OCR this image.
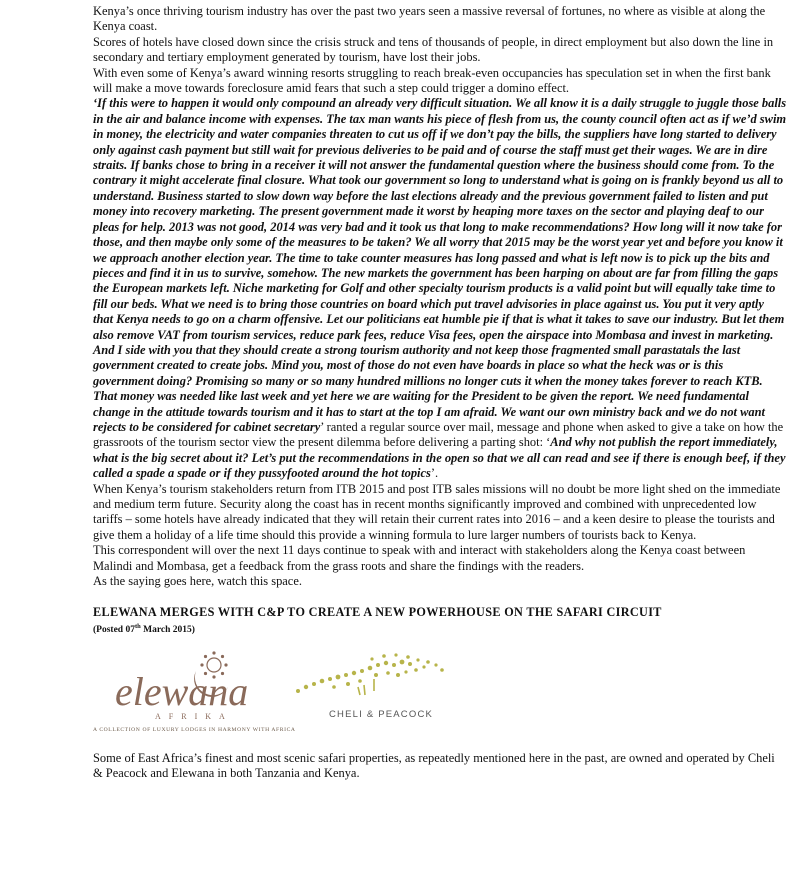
Kenya’s once thriving tourism industry has over the past two years seen a massive reversal of fortunes, no where as visible at along the Kenya coast.

Scores of hotels have closed down since the crisis struck and tens of thousands of people, in direct employment but also down the line in secondary and tertiary employment generated by tourism, have lost their jobs.

With even some of Kenya’s award winning resorts struggling to reach break-even occupancies has speculation set in when the first bank will make a move towards foreclosure amid fears that such a step could trigger a domino effect.

‘If this were to happen it would only compound an already very difficult situation. We all know it is a daily struggle to juggle those balls in the air and balance income with expenses. The tax man wants his piece of flesh from us, the county council often act as if we’d swim in money, the electricity and water companies threaten to cut us off if we don’t pay the bills, the suppliers have long started to delivery only against cash payment but still wait for previous deliveries to be paid and of course the staff must get their wages. We are in dire straits. If banks chose to bring in a receiver it will not answer the fundamental question where the business should come from. To the contrary it might accelerate final closure. What took our government so long to understand what is going on is frankly beyond us all to understand. Business started to slow down way before the last elections already and the previous government failed to listen and put money into recovery marketing. The present government made it worst by heaping more taxes on the sector and playing deaf to our pleas for help. 2013 was not good, 2014 was very bad and it took us that long to make recommendations? How long will it now take for those, and then maybe only some of the measures to be taken? We all worry that 2015 may be the worst year yet and before you know it we approach another election year. The time to take counter measures has long passed and what is left now is to pick up the bits and pieces and find it in us to survive, somehow. The new markets the government has been harping on about are far from filling the gaps the European markets left. Niche marketing for Golf and other specialty tourism products is a valid point but will equally take time to fill our beds. What we need is to bring those countries on board which put travel advisories in place against us. You put it very aptly that Kenya needs to go on a charm offensive. Let our politicians eat humble pie if that is what it takes to save our industry. But let them also remove VAT from tourism services, reduce park fees, reduce Visa fees, open the airspace into Mombasa and invest in marketing. And I side with you that they should create a strong tourism authority and not keep those fragmented small parastatals the last government created to create jobs. Mind you, most of those do not even have boards in place so what the heck was or is this government doing? Promising so many or so many hundred millions no longer cuts it when the money takes forever to reach KTB. That money was needed like last week and yet here we are waiting for the President to be given the report. We need fundamental change in the attitude towards tourism and it has to start at the top I am afraid. We want our own ministry back and we do not want rejects to be considered for cabinet secretary’ ranted a regular source over mail, message and phone when asked to give a take on how the grassroots of the tourism sector view the present dilemma before delivering a parting shot: ‘And why not publish the report immediately, what is the big secret about it? Let’s put the recommendations in the open so that we all can read and see if there is enough beef, if they called a spade a spade or if they pussyfooted around the hot topics’.

When Kenya’s tourism stakeholders return from ITB 2015 and post ITB sales missions will no doubt be more light shed on the immediate and medium term future. Security along the coast has in recent months significantly improved and combined with unprecedented low tariffs – some hotels have already indicated that they will retain their current rates into 2016 – and a keen desire to please the tourists and give them a holiday of a life time should this provide a winning formula to lure larger numbers of tourists back to Kenya.

This correspondent will over the next 11 days continue to speak with and interact with stakeholders along the Kenya coast between Malindi and Mombasa, get a feedback from the grass roots and share the findings with the readers.

As the saying goes here, watch this space.

ELEWANA MERGES WITH C&P TO CREATE A NEW POWERHOUSE ON THE SAFARI CIRCUIT
(Posted 07th March 2015)
elewana
AFRIKA
A COLLECTION OF LUXURY LODGES IN HARMONY WITH AFRICA
CHELI & PEACOCK

Some of East Africa’s finest and most scenic safari properties, as repeatedly mentioned here in the past, are owned and operated by Cheli & Peacock and Elewana in both Tanzania and Kenya.
